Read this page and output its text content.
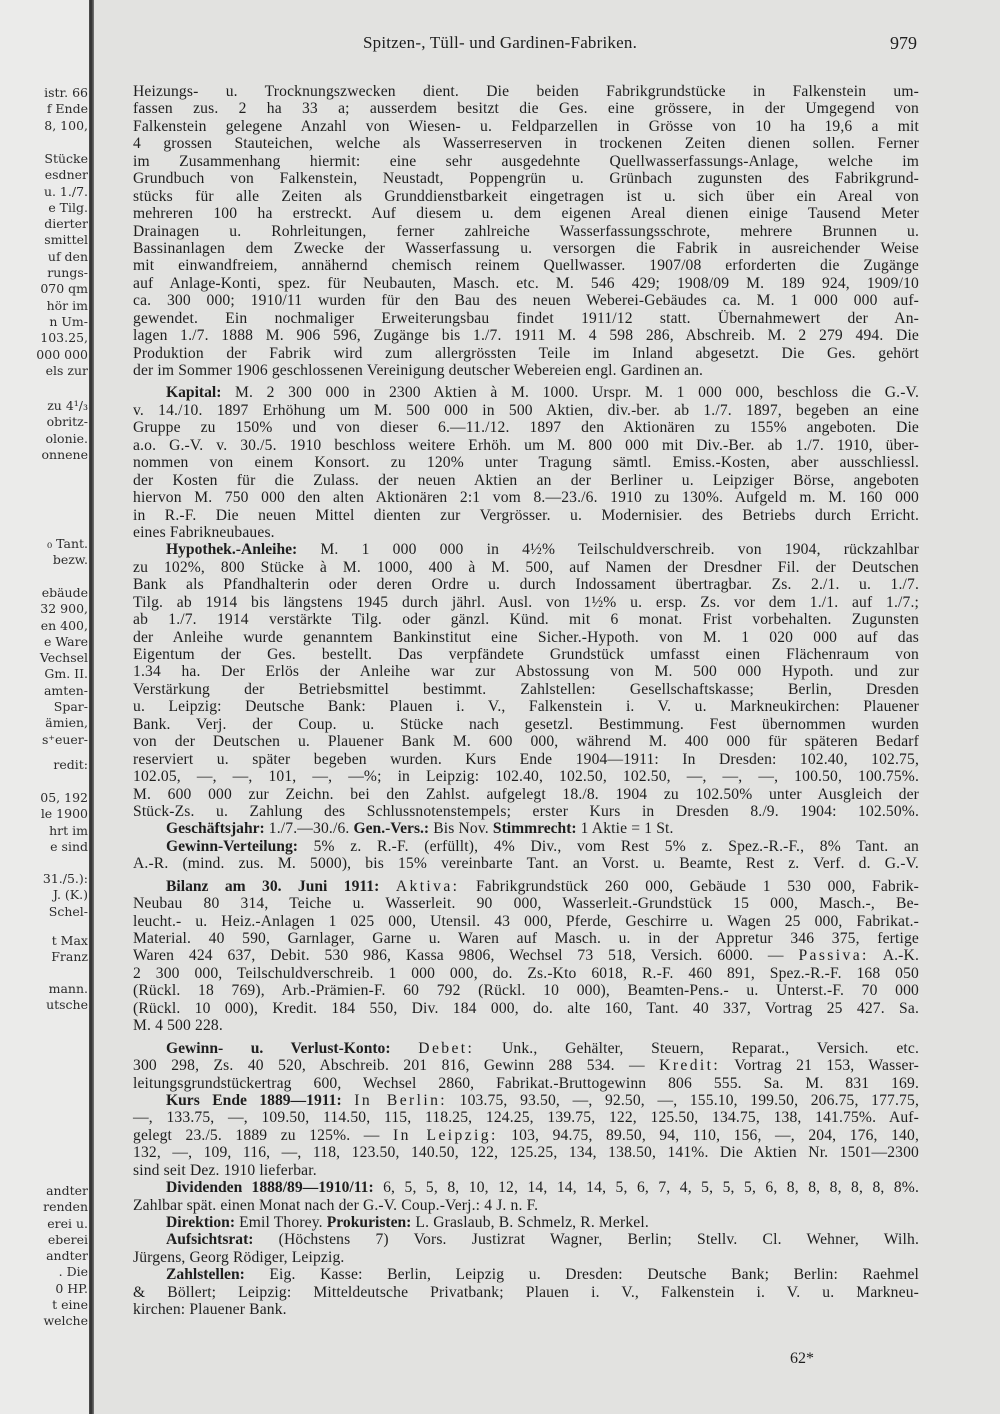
istr. 66
f Ende
8, 100,
Stücke
esdner
u. 1./7.
e Tilg.
dierter
smittel
uf den
rungs-
070 qm
hör im
n Um-
103.25,
000 000
els zur
zu 4¹/₃
obritz-
olonie.
onnene
₀ Tant.
bezw.
ebäude
32 900,
en 400,
e Ware
Vechsel
Gm. II.
amten-
Spar-
ämien,
s⁺euer-
redit:
05, 192
le 1900
hrt im
e sind
31./5.):
J. (K.)
Schel-
t Max
Franz
mann.
utsche
andter
renden
erei u.
eberei
andter
. Die
0 HP.
t eine
welche
Spitzen-, Tüll- und Gardinen-Fabriken.	979
Heizungs- u. Trocknungszwecken dient. Die beiden Fabrikgrundstücke in Falkenstein um-
fassen zus. 2 ha 33 a; ausserdem besitzt die Ges. eine grössere, in der Umgegend von
Falkenstein gelegene Anzahl von Wiesen- u. Feldparzellen in Grösse von 10 ha 19,6 a mit
4 grossen Stauteichen, welche als Wasserreserven in trockenen Zeiten dienen sollen. Ferner
im Zusammenhang hiermit: eine sehr ausgedehnte Quellwasserfassungs-Anlage, welche im
Grundbuch von Falkenstein, Neustadt, Poppengrün u. Grünbach zugunsten des Fabrikgrund-
stücks für alle Zeiten als Grunddienstbarkeit eingetragen ist u. sich über ein Areal von
mehreren 100 ha erstreckt. Auf diesem u. dem eigenen Areal dienen einige Tausend Meter
Drainagen u. Rohrleitungen, ferner zahlreiche Wasserfassungsschrote, mehrere Brunnen u.
Bassinanlagen dem Zwecke der Wasserfassung u. versorgen die Fabrik in ausreichender Weise
mit einwandfreiem, annähernd chemisch reinem Quellwasser. 1907/08 erforderten die Zugänge
auf Anlage-Konti, spez. für Neubauten, Masch. etc. M. 546 429; 1908/09 M. 189 924, 1909/10
ca. 300 000; 1910/11 wurden für den Bau des neuen Weberei-Gebäudes ca. M. 1 000 000 auf-
gewendet. Ein nochmaliger Erweiterungsbau findet 1911/12 statt. Übernahmewert der An-
lagen 1./7. 1888 M. 906 596, Zugänge bis 1./7. 1911 M. 4 598 286, Abschreib. M. 2 279 494. Die
Produktion der Fabrik wird zum allergrössten Teile im Inland abgesetzt. Die Ges. gehört
der im Sommer 1906 geschlossenen Vereinigung deutscher Webereien engl. Gardinen an.
Kapital: M. 2 300 000 in 2300 Aktien à M. 1000. Urspr. M. 1 000 000, beschloss die G.-V.
v. 14./10. 1897 Erhöhung um M. 500 000 in 500 Aktien, div.-ber. ab 1./7. 1897, begeben an eine
Gruppe zu 150% und von dieser 6.—11./12. 1897 den Aktionären zu 155% angeboten. Die
a.o. G.-V. v. 30./5. 1910 beschloss weitere Erhöh. um M. 800 000 mit Div.-Ber. ab 1./7. 1910, über-
nommen von einem Konsort. zu 120% unter Tragung sämtl. Emiss.-Kosten, aber ausschliessl.
der Kosten für die Zulass. der neuen Aktien an der Berliner u. Leipziger Börse, angeboten
hiervon M. 750 000 den alten Aktionären 2:1 vom 8.—23./6. 1910 zu 130%. Aufgeld m. M. 160 000
in R.-F. Die neuen Mittel dienten zur Vergrösser. u. Modernisier. des Betriebs durch Erricht.
eines Fabrikneubaues.
Hypothek.-Anleihe: M. 1 000 000 in 4½% Teilschuldverschreib. von 1904, rückzahlbar
zu 102%, 800 Stücke à M. 1000, 400 à M. 500, auf Namen der Dresdner Fil. der Deutschen
Bank als Pfandhalterin oder deren Ordre u. durch Indossament übertragbar. Zs. 2./1. u. 1./7.
Tilg. ab 1914 bis längstens 1945 durch jährl. Ausl. von 1½% u. ersp. Zs. vor dem 1./1. auf 1./7.;
ab 1./7. 1914 verstärkte Tilg. oder gänzl. Künd. mit 6 monat. Frist vorbehalten. Zugunsten
der Anleihe wurde genanntem Bankinstitut eine Sicher.-Hypoth. von M. 1 020 000 auf das
Eigentum der Ges. bestellt. Das verpfändete Grundstück umfasst einen Flächenraum von
1.34 ha. Der Erlös der Anleihe war zur Abstossung von M. 500 000 Hypoth. und zur
Verstärkung der Betriebsmittel bestimmt. Zahlstellen: Gesellschaftskasse; Berlin, Dresden
u. Leipzig: Deutsche Bank: Plauen i. V., Falkenstein i. V. u. Markneukirchen: Plauener
Bank. Verj. der Coup. u. Stücke nach gesetzl. Bestimmung. Fest übernommen wurden
von der Deutschen u. Plauener Bank M. 600 000, während M. 400 000 für späteren Bedarf
reserviert u. später begeben wurden. Kurs Ende 1904—1911: In Dresden: 102.40, 102.75,
102.05, —, —, 101, —, —%; in Leipzig: 102.40, 102.50, 102.50, —, —, —, 100.50, 100.75%.
M. 600 000 zur Zeichn. bei den Zahlst. aufgelegt 18./8. 1904 zu 102.50% unter Ausgleich der
Stück-Zs. u. Zahlung des Schlussnotenstempels; erster Kurs in Dresden 8./9. 1904: 102.50%.
Geschäftsjahr: 1./7.—30./6. Gen.-Vers.: Bis Nov. Stimmrecht: 1 Aktie = 1 St.
Gewinn-Verteilung: 5% z. R.-F. (erfüllt), 4% Div., vom Rest 5% z. Spez.-R.-F., 8% Tant. an
A.-R. (mind. zus. M. 5000), bis 15% vereinbarte Tant. an Vorst. u. Beamte, Rest z. Verf. d. G.-V.
Bilanz am 30. Juni 1911: Aktiva: Fabrikgrundstück 260 000, Gebäude 1 530 000, Fabrik-
Neubau 80 314, Teiche u. Wasserleit. 90 000, Wasserleit.-Grundstück 15 000, Masch.-, Be-
leucht.- u. Heiz.-Anlagen 1 025 000, Utensil. 43 000, Pferde, Geschirre u. Wagen 25 000, Fabrikat.-
Material. 40 590, Garnlager, Garne u. Waren auf Masch. u. in der Appretur 346 375, fertige
Waren 424 637, Debit. 530 986, Kassa 9806, Wechsel 73 518, Versich. 6000. — Passiva: A.-K.
2 300 000, Teilschuldverschreib. 1 000 000, do. Zs.-Kto 6018, R.-F. 460 891, Spez.-R.-F. 168 050
(Rückl. 18 769), Arb.-Prämien-F. 60 792 (Rückl. 10 000), Beamten-Pens.- u. Unterst.-F. 70 000
(Rückl. 10 000), Kredit. 184 550, Div. 184 000, do. alte 160, Tant. 40 337, Vortrag 25 427. Sa.
M. 4 500 228.
Gewinn- u. Verlust-Konto: Debet: Unk., Gehälter, Steuern, Reparat., Versich. etc.
300 298, Zs. 40 520, Abschreib. 201 816, Gewinn 288 534. — Kredit: Vortrag 21 153, Wasser-
leitungsgrundstückertrag 600, Wechsel 2860, Fabrikat.-Bruttogewinn 806 555. Sa. M. 831 169.
Kurs Ende 1889—1911: In Berlin: 103.75, 93.50, —, 92.50, —, 155.10, 199.50, 206.75, 177.75,
—, 133.75, —, 109.50, 114.50, 115, 118.25, 124.25, 139.75, 122, 125.50, 134.75, 138, 141.75%. Auf-
gelegt 23./5. 1889 zu 125%. — In Leipzig: 103, 94.75, 89.50, 94, 110, 156, —, 204, 176, 140,
132, —, 109, 116, —, 118, 123.50, 140.50, 122, 125.25, 134, 138.50, 141%. Die Aktien Nr. 1501—2300
sind seit Dez. 1910 lieferbar.
Dividenden 1888/89—1910/11: 6, 5, 5, 8, 10, 12, 14, 14, 14, 5, 6, 7, 4, 5, 5, 5, 6, 8, 8, 8, 8, 8, 8%.
Zahlbar spät. einen Monat nach der G.-V. Coup.-Verj.: 4 J. n. F.
Direktion: Emil Thorey. Prokuristen: L. Graslaub, B. Schmelz, R. Merkel.
Aufsichtsrat: (Höchstens 7) Vors. Justizrat Wagner, Berlin; Stellv. Cl. Wehner, Wilh.
Jürgens, Georg Rödiger, Leipzig.
Zahlstellen: Eig. Kasse: Berlin, Leipzig u. Dresden: Deutsche Bank; Berlin: Raehmel
& Böllert; Leipzig: Mitteldeutsche Privatbank; Plauen i. V., Falkenstein i. V. u. Markneu-
kirchen: Plauener Bank.
62*
